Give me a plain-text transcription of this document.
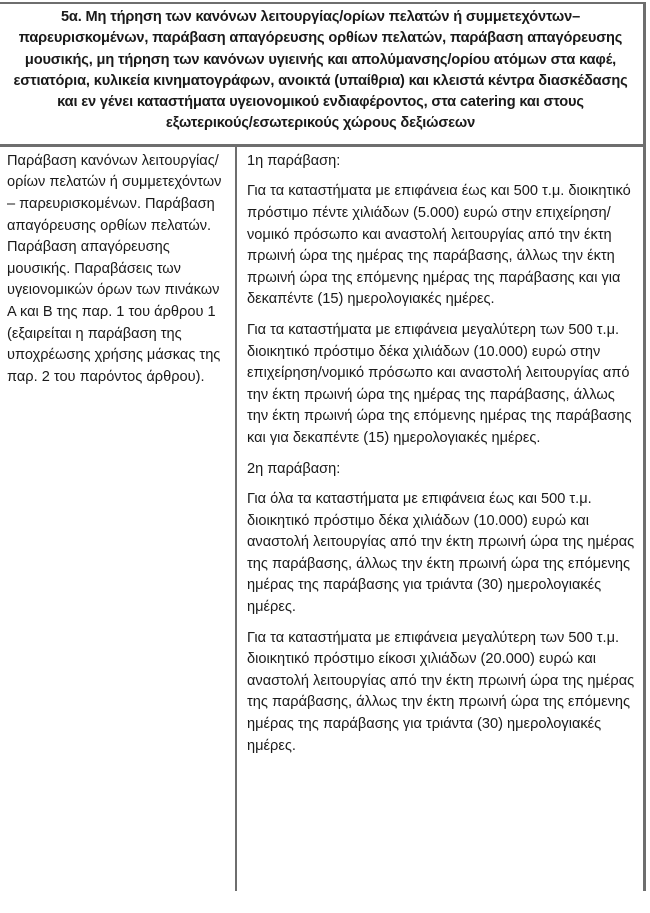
5α. Μη τήρηση των κανόνων λειτουργίας/ορίων πελατών ή συμμετεχόντων–παρευρισκομένων, παράβαση απαγόρευσης ορθίων πελατών, παράβαση απαγόρευσης μουσικής, μη τήρηση των κανόνων υγιεινής και απολύμανσης/ορίου ατόμων στα καφέ, εστιατόρια, κυλικεία κινηματογράφων, ανοικτά (υπαίθρια) και κλειστά κέντρα διασκέδασης και εν γένει καταστήματα υγειονομικού ενδιαφέροντος, στα catering και στους εξωτερικούς/εσωτερικούς χώρους δεξιώσεων
Παράβαση κανόνων λειτουργίας/ορίων πελατών ή συμμετεχόντων – παρευρισκομένων. Παράβαση απαγόρευσης ορθίων πελατών. Παράβαση απαγόρευσης μουσικής. Παραβάσεις των υγειονομικών όρων των πινάκων Α και Β της παρ. 1 του άρθρου 1 (εξαιρείται η παράβαση της υποχρέωσης χρήσης μάσκας της παρ. 2 του παρόντος άρθρου).
1η παράβαση:

Για τα καταστήματα με επιφάνεια έως και 500 τ.μ. διοικητικό πρόστιμο πέντε χιλιάδων (5.000) ευρώ στην επιχείρηση/νομικό πρόσωπο και αναστολή λειτουργίας από την έκτη πρωινή ώρα της ημέρας της παράβασης, άλλως την έκτη πρωινή ώρα της επόμενης ημέρας της παράβασης και για δεκαπέντε (15) ημερολογιακές ημέρες.

Για τα καταστήματα με επιφάνεια μεγαλύτερη των 500 τ.μ. διοικητικό πρόστιμο δέκα χιλιάδων (10.000) ευρώ στην επιχείρηση/νομικό πρόσωπο και αναστολή λειτουργίας από την έκτη πρωινή ώρα της ημέρας της παράβασης, άλλως την έκτη πρωινή ώρα της επόμενης ημέρας της παράβασης και για δεκαπέντε (15) ημερολογιακές ημέρες.

2η παράβαση:

Για όλα τα καταστήματα με επιφάνεια έως και 500 τ.μ. διοικητικό πρόστιμο δέκα χιλιάδων (10.000) ευρώ και αναστολή λειτουργίας από την έκτη πρωινή ώρα της ημέρας της παράβασης, άλλως την έκτη πρωινή ώρα της επόμενης ημέρας της παράβασης για τριάντα (30) ημερολογιακές ημέρες.

Για τα καταστήματα με επιφάνεια μεγαλύτερη των 500 τ.μ. διοικητικό πρόστιμο είκοσι χιλιάδων (20.000) ευρώ και αναστολή λειτουργίας από την έκτη πρωινή ώρα της ημέρας της παράβασης, άλλως την έκτη πρωινή ώρα της επόμενης ημέρας της παράβασης για τριάντα (30) ημερολογιακές ημέρες.
